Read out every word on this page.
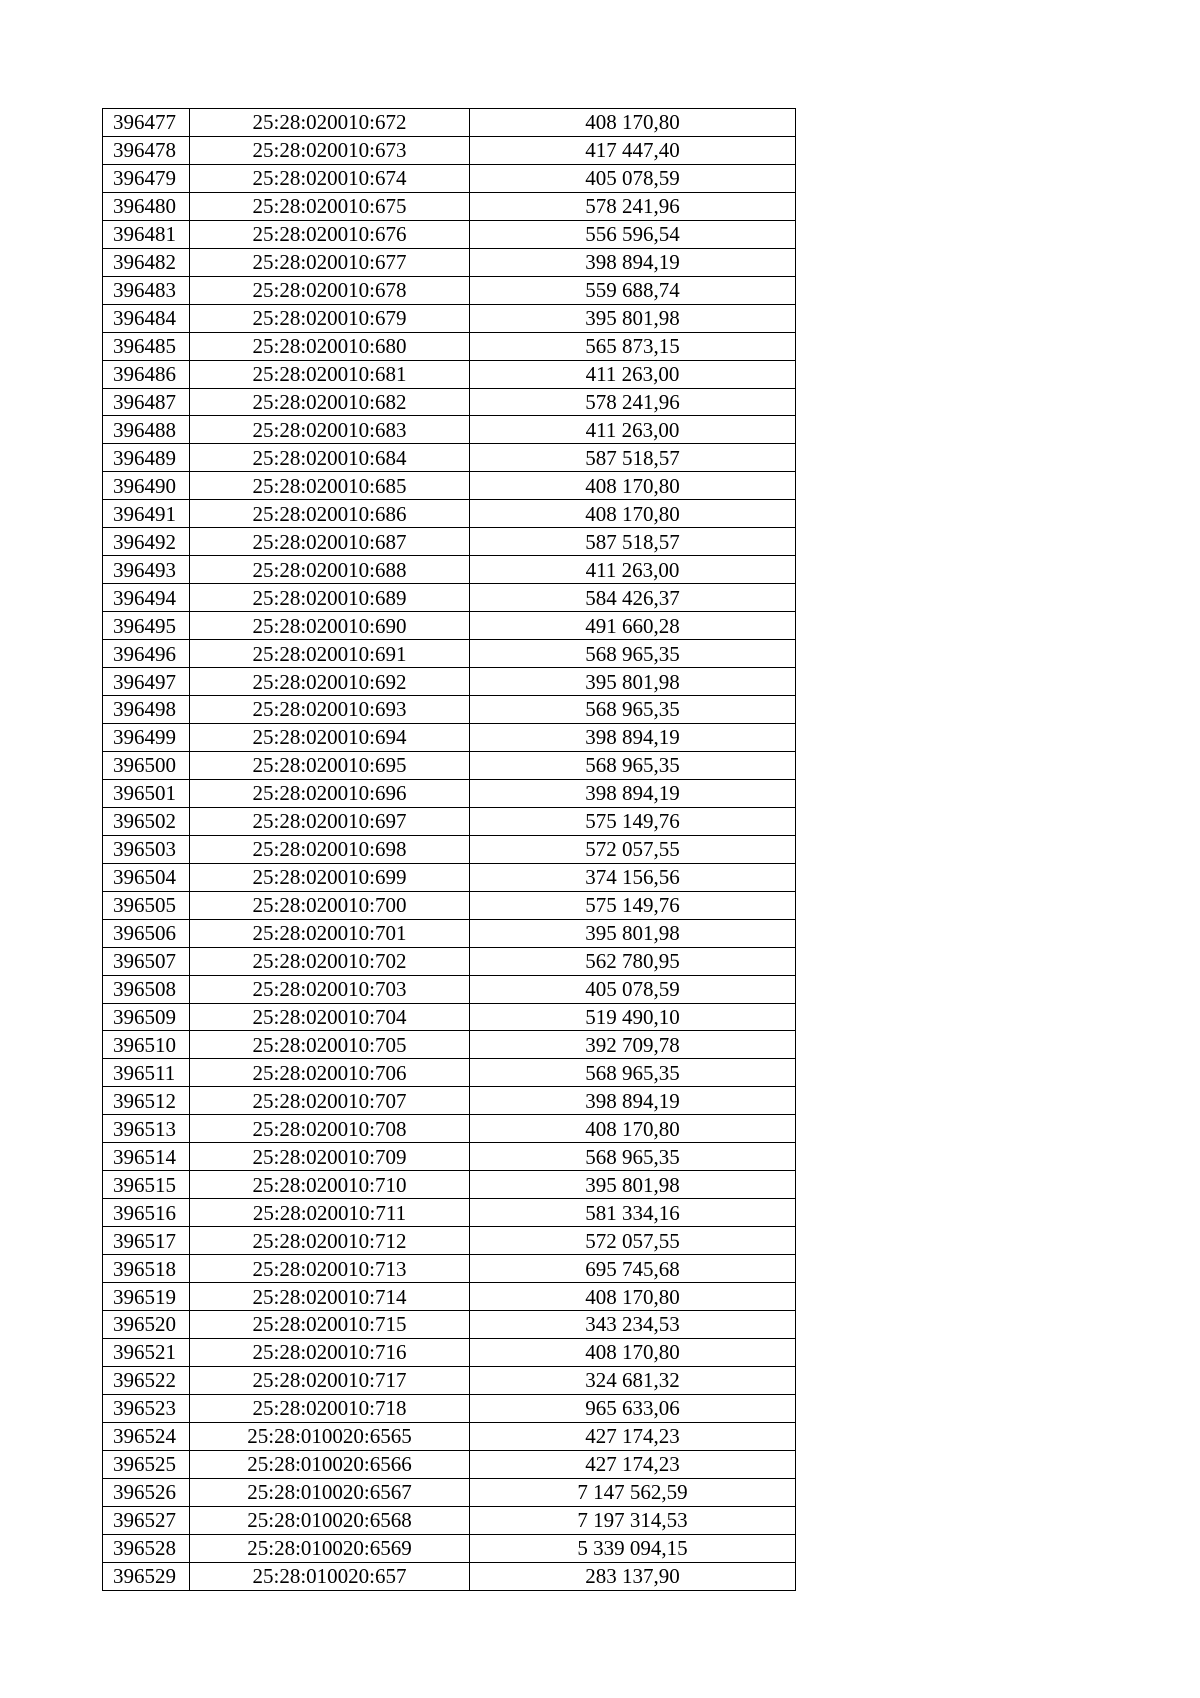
396477	25:28:020010:672	408 170,80
396478	25:28:020010:673	417 447,40
396479	25:28:020010:674	405 078,59
396480	25:28:020010:675	578 241,96
396481	25:28:020010:676	556 596,54
396482	25:28:020010:677	398 894,19
396483	25:28:020010:678	559 688,74
396484	25:28:020010:679	395 801,98
396485	25:28:020010:680	565 873,15
396486	25:28:020010:681	411 263,00
396487	25:28:020010:682	578 241,96
396488	25:28:020010:683	411 263,00
396489	25:28:020010:684	587 518,57
396490	25:28:020010:685	408 170,80
396491	25:28:020010:686	408 170,80
396492	25:28:020010:687	587 518,57
396493	25:28:020010:688	411 263,00
396494	25:28:020010:689	584 426,37
396495	25:28:020010:690	491 660,28
396496	25:28:020010:691	568 965,35
396497	25:28:020010:692	395 801,98
396498	25:28:020010:693	568 965,35
396499	25:28:020010:694	398 894,19
396500	25:28:020010:695	568 965,35
396501	25:28:020010:696	398 894,19
396502	25:28:020010:697	575 149,76
396503	25:28:020010:698	572 057,55
396504	25:28:020010:699	374 156,56
396505	25:28:020010:700	575 149,76
396506	25:28:020010:701	395 801,98
396507	25:28:020010:702	562 780,95
396508	25:28:020010:703	405 078,59
396509	25:28:020010:704	519 490,10
396510	25:28:020010:705	392 709,78
396511	25:28:020010:706	568 965,35
396512	25:28:020010:707	398 894,19
396513	25:28:020010:708	408 170,80
396514	25:28:020010:709	568 965,35
396515	25:28:020010:710	395 801,98
396516	25:28:020010:711	581 334,16
396517	25:28:020010:712	572 057,55
396518	25:28:020010:713	695 745,68
396519	25:28:020010:714	408 170,80
396520	25:28:020010:715	343 234,53
396521	25:28:020010:716	408 170,80
396522	25:28:020010:717	324 681,32
396523	25:28:020010:718	965 633,06
396524	25:28:010020:6565	427 174,23
396525	25:28:010020:6566	427 174,23
396526	25:28:010020:6567	7 147 562,59
396527	25:28:010020:6568	7 197 314,53
396528	25:28:010020:6569	5 339 094,15
396529	25:28:010020:657	283 137,90
